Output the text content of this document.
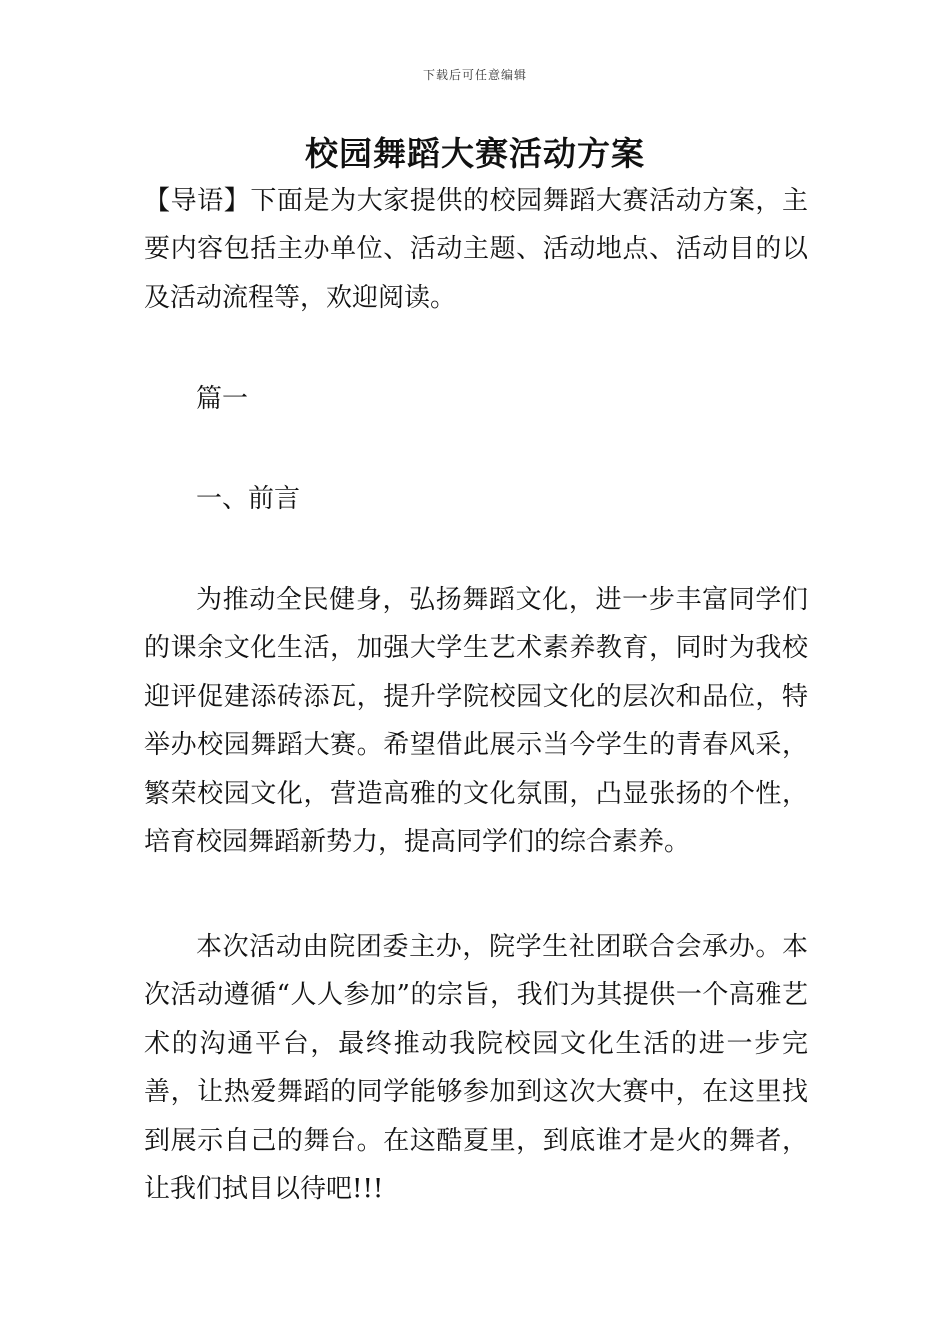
下载后可任意编辑
校园舞蹈大赛活动方案

【导语】下面是为大家提供的校园舞蹈大赛活动方案，主要内容包括主办单位、活动主题、活动地点、活动目的以及活动流程等，欢迎阅读。

篇一

一、前言

为推动全民健身，弘扬舞蹈文化，进一步丰富同学们的课余文化生活，加强大学生艺术素养教育，同时为我校迎评促建添砖添瓦，提升学院校园文化的层次和品位，特举办校园舞蹈大赛。希望借此展示当今学生的青春风采，繁荣校园文化，营造高雅的文化氛围，凸显张扬的个性，培育校园舞蹈新势力，提高同学们的综合素养。

本次活动由院团委主办，院学生社团联合会承办。本次活动遵循“人人参加”的宗旨，我们为其提供一个高雅艺术的沟通平台，最终推动我院校园文化生活的进一步完善，让热爱舞蹈的同学能够参加到这次大赛中，在这里找到展示自己的舞台。在这酷夏里，到底谁才是火的舞者，让我们拭目以待吧!!!
